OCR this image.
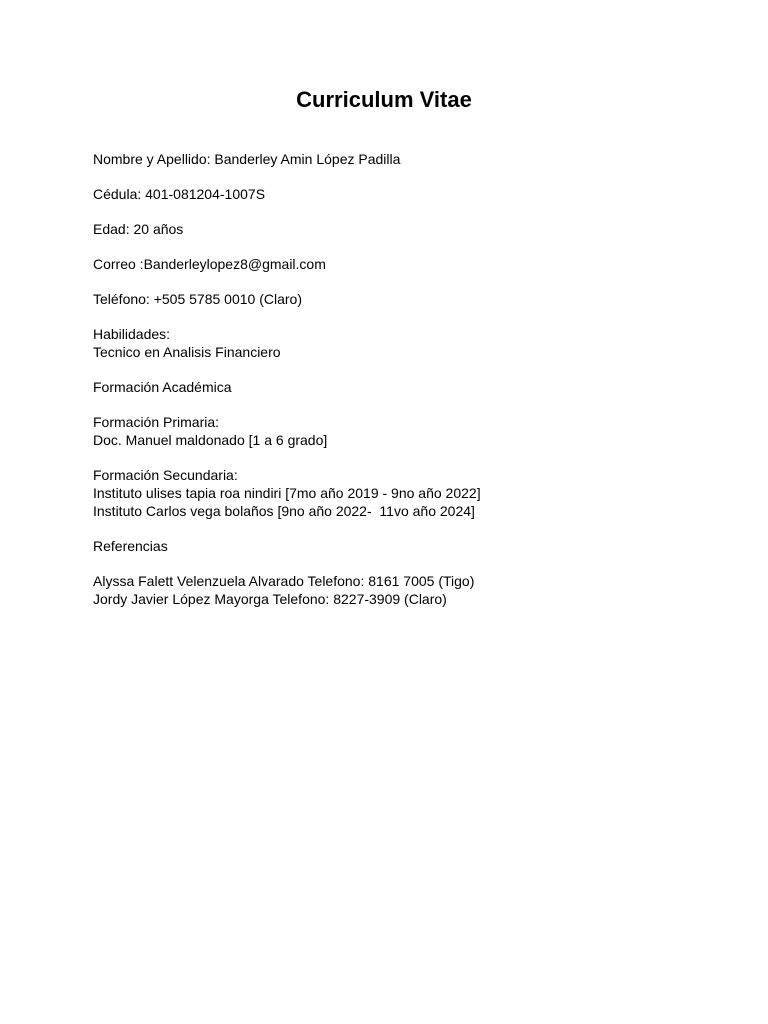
Curriculum Vitae
Nombre y Apellido: Banderley Amin López Padilla
Cédula: 401-081204-1007S
Edad: 20 años
Correo :Banderleylopez8@gmail.com
Teléfono: +505 5785 0010 (Claro)
Habilidades:
Tecnico en Analisis Financiero
Formación Académica
Formación Primaria:
Doc. Manuel maldonado [1 a 6 grado]
Formación Secundaria:
Instituto ulises tapia roa nindiri [7mo año 2019 - 9no año 2022]
Instituto Carlos vega bolaños [9no año 2022-  11vo año 2024]
Referencias
Alyssa Falett Velenzuela Alvarado Telefono: 8161 7005 (Tigo)
Jordy Javier López Mayorga Telefono: 8227-3909 (Claro)
